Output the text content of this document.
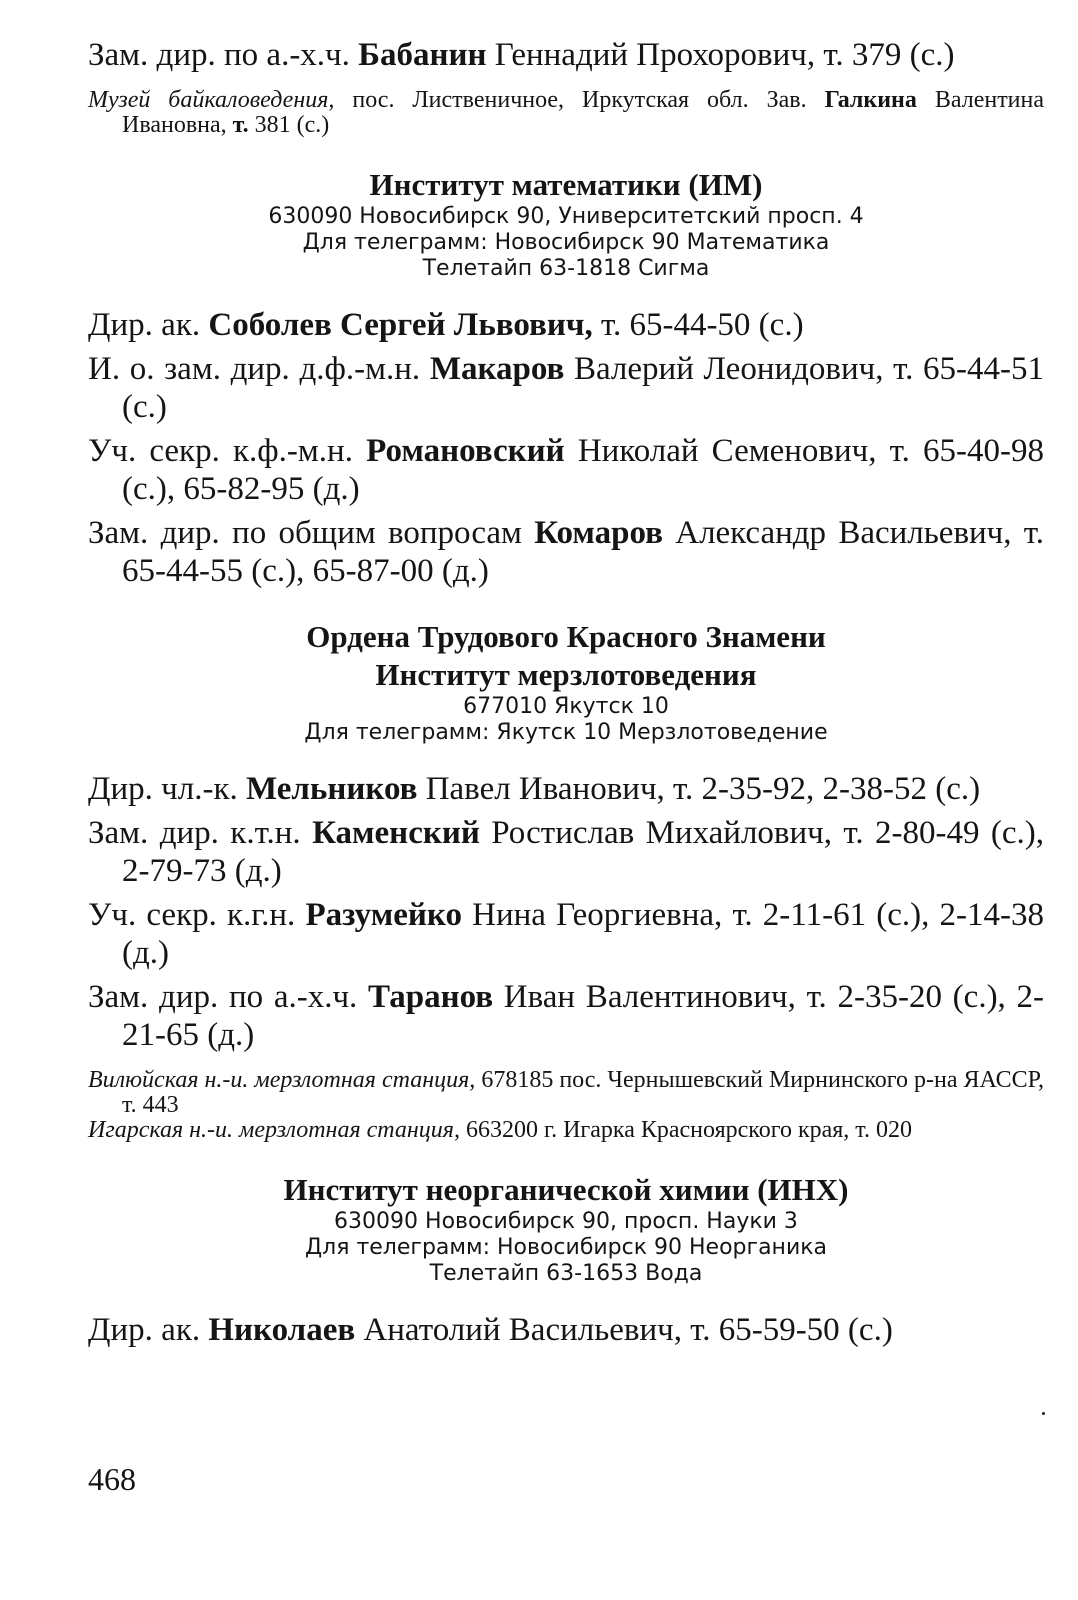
Зам. дир. по а.-х.ч. Бабанин Геннадий Прохорович, т. 379 (с.)

Музей байкаловедения, пос. Лиственичное, Иркутская обл. Зав. Галкина Валентина Ивановна, т. 381 (с.)

Институт математики (ИМ)

630090 Новосибирск 90, Университетский просп. 4

Для телеграмм: Новосибирск 90 Математика

Телетайп 63-1818 Сигма

Дир. ак. Соболев Сергей Львович, т. 65-44-50 (с.)

И. о. зам. дир. д.ф.-м.н. Макаров Валерий Леонидович, т. 65-44-51 (с.)

Уч. секр. к.ф.-м.н. Романовский Николай Семенович, т. 65-40-98 (с.), 65-82-95 (д.)

Зам. дир. по общим вопросам Комаров Александр Васильевич, т. 65-44-55 (с.), 65-87-00 (д.)

Ордена Трудового Красного Знамени

Институт мерзлотоведения

677010 Якутск 10

Для телеграмм: Якутск 10 Мерзлотоведение

Дир. чл.-к. Мельников Павел Иванович, т. 2-35-92, 2-38-52 (с.)

Зам. дир. к.т.н. Каменский Ростислав Михайлович, т. 2-80-49 (с.), 2-79-73 (д.)

Уч. секр. к.г.н. Разумейко Нина Георгиевна, т. 2-11-61 (с.), 2-14-38 (д.)

Зам. дир. по а.-х.ч. Таранов Иван Валентинович, т. 2-35-20 (с.), 2-21-65 (д.)

Вилюйская н.-и. мерзлотная станция, 678185 пос. Чернышевский Мирнинского р-на ЯАССР, т. 443

Игарская н.-и. мерзлотная станция, 663200 г. Игарка Красноярского края, т. 020

Институт неорганической химии (ИНХ)

630090 Новосибирск 90, просп. Науки 3

Для телеграмм: Новосибирск 90 Неорганика

Телетайп 63-1653 Вода

Дир. ак. Николаев Анатолий Васильевич, т. 65-59-50 (с.)

468
